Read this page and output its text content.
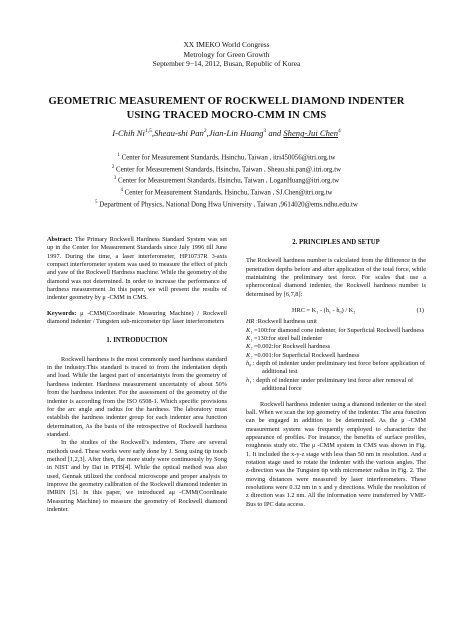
XX IMEKO World Congress
Metrology for Green Growth
September 9−14, 2012, Busan, Republic of Korea
GEOMETRIC MEASUREMENT OF ROCKWELL DIAMOND INDENTER
USING TRACED MOCRO-CMM IN CMS
I-Chih Ni$^{1,5}$,Sheau-shi Pan$^2$,Jian-Lin Huang$^3$ and Sheng-Jui Chen$^4$
$^1$ Center for Measurement Standards, Hsinchu, Taiwan , itri450056@itri.org.tw
$^2$ Center for Measurement Standards, Hsinchu, Taiwan , Sheau.shi.pan@.itri.org.tw
$^3$ Center for Measurement Standards, Hsinchu, Taiwan , LoganHuang@itri.org.tw
$^4$ Center for Measurement Standards, Hsinchu, Taiwan , SJ.Chen@itri.org.tw
$^5$ Department of Physics, National Dong Hwa University , Taiwan ,9614020@ems.ndhu.edu.tw

Abstract: The Primary Rockwell Hardness Standard System was set up in the Center for Measurement Standards since July 1996 till June 1997. During the time, a laser interferometer, HP10737R 3-axis compact interferometer system was used to measure the effect of pitch and yaw of the Rockwell Hardness machine. While the geometry of the diamond was not determined. In order to increase the performance of hardness measurement .In this paper, we will present the results of indenter geometry by μ -CMM in CMS.

Keywords: μ -CMM(Coordinate Measuring Machine) / Rockwell diamond indenter / Tungsten sub-micrometer tip/ laser interferometers

1. INTRODUCTION

Rockwell hardness is the most commonly used hardness standard in the industry.This standard is traced to from the indentation depth and load. While the largest part of uncertaintyis from the geometry of hardness indenter. Hardness measurement uncertainty of about 50% from the hardness indenter. For the assessment of the geometry of the indenter is according from the ISO 6508-1. Which specific provisions for the arc angle and radius for the hardness. The laboratory must establish the hardness indenter group for each indenter area function determination, As the basis of the retrospective of Rockwell hardness standard.

In the studies of the Rockwell’s indenters, There are several methods used. These works were early done by J. Song using tip touch method [1,2,3]. After then, the more study were continuously by Song in NIST and by Dai in PTB[4]. While the optical method was also used, Gennak utilized the confocal microscope and proper analysis to improve the geometry calibration of the Rockwell diamond indenter in IMRIN [5]. In this paper, we introduced aμ -CMM(Coordinate Measuring Machine) to measure the geometry of Rockwell diamond indenter.

2. PRINCIPLES AND SETUP

The Rockwell hardness number is calculated from the difference in the penetration depths before and after application of the total force, while maintaining the preliminary test force. For scales that use a spheroconical diamond indenter, the Rockwell hardness number is determined by [6,7,8]:

HRC = K₁ - (h₁ - h₀) / K₂	(1)
HR :Rockwell hardness unit
K₁ =100:for diamond cone indenter, for Superficial Rockwell hardness
K₁ =130:for steel ball indenter
K₂ =0.002:for Rockwell hardness
K₂ =0.001:for Superficial Rockwell hardness
h₀ : depth of indenter under preliminary test force before application of additional test
h₁ : depth of indenter under preliminary test force after removal of additional force

Rockwell hardness indenter using a diamond indenter or the steel ball. When we scan the top geometry of the indenter. The area function can be engaged in addition to be determined. As the μ -CMM measurement system was frequently employed to characterize the appearance of profiles. For instance, the benefits of surface profiles, roughness study etc. The μ -CMM system in CMS was shown in Fig. 1. It included the x-y-z stage with less than 50 nm in resolution. And a rotation stage used to rotate the indenter with the various angles. The z-direction was the Tungsten tip with micrometer radius in Fig. 2. The moving distances were measured by laser interferometers. These resolutions were 0.32 nm in x and y directions. While the resolution of z direction was 1.2 nm. All the information were transferred by VME-Bus to IPC data access.
